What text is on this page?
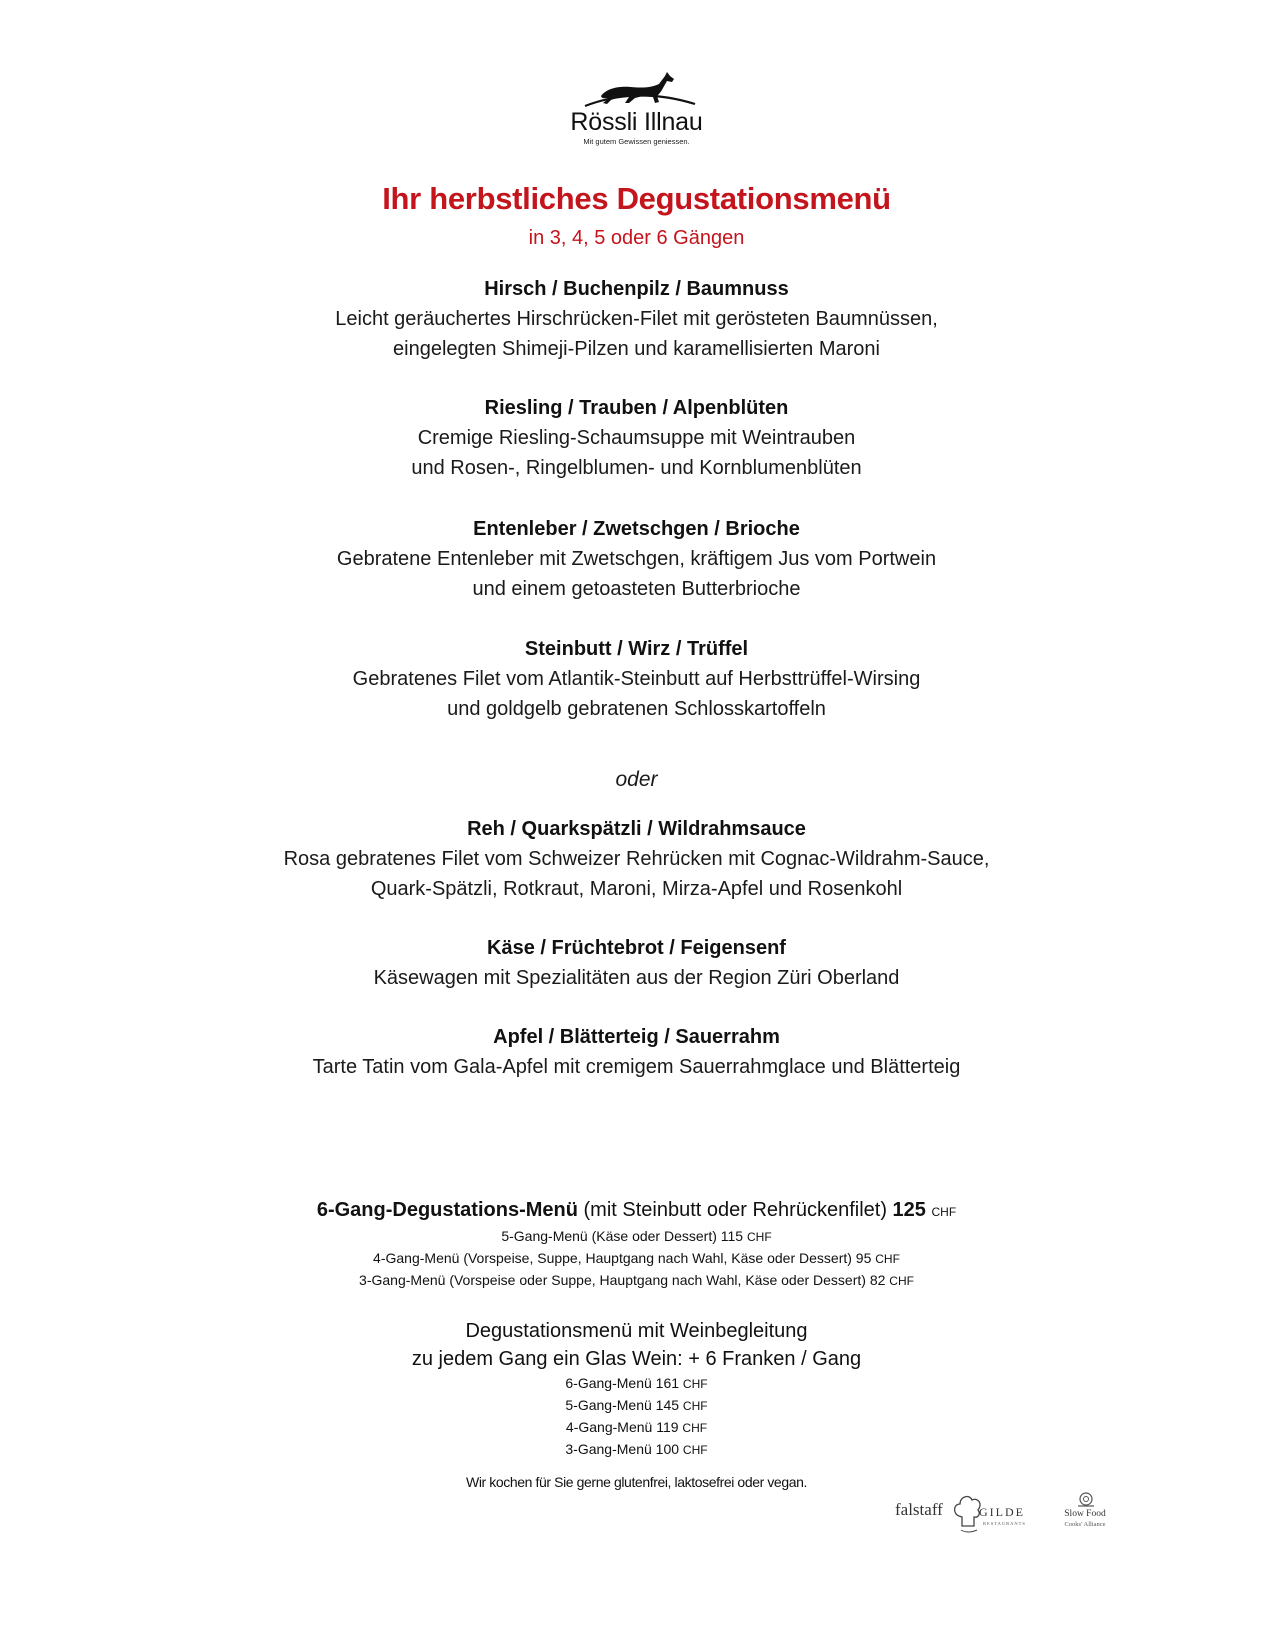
Rössli Illnau
Mit gutem Gewissen geniessen.
Ihr herbstliches Degustationsmenü
in 3, 4, 5 oder 6 Gängen
Hirsch / Buchenpilz / Baumnuss
Leicht geräuchertes Hirschrücken-Filet mit gerösteten Baumnüssen,
eingelegten Shimeji-Pilzen und karamellisierten Maroni
Riesling / Trauben / Alpenblüten
Cremige Riesling-Schaumsuppe mit Weintrauben
und Rosen-, Ringelblumen- und Kornblumenblüten
Entenleber / Zwetschgen / Brioche
Gebratene Entenleber mit Zwetschgen, kräftigem Jus vom Portwein
und einem getoasteten Butterbrioche
Steinbutt / Wirz / Trüffel
Gebratenes Filet vom Atlantik-Steinbutt auf Herbsttrüffel-Wirsing
und goldgelb gebratenen Schlosskartoffeln
oder
Reh / Quarkspätzli / Wildrahmsauce
Rosa gebratenes Filet vom Schweizer Rehrücken mit Cognac-Wildrahm-Sauce,
Quark-Spätzli, Rotkraut, Maroni, Mirza-Apfel und Rosenkohl
Käse / Früchtebrot / Feigensenf
Käsewagen mit Spezialitäten aus der Region Züri Oberland
Apfel / Blätterteig / Sauerrahm
Tarte Tatin vom Gala-Apfel mit cremigem Sauerrahmglace und Blätterteig
6-Gang-Degustations-Menü (mit Steinbutt oder Rehrückenfilet) 125 CHF
5-Gang-Menü (Käse oder Dessert) 115 CHF
4-Gang-Menü (Vorspeise, Suppe, Hauptgang nach Wahl, Käse oder Dessert) 95 CHF
3-Gang-Menü (Vorspeise oder Suppe, Hauptgang nach Wahl, Käse oder Dessert) 82 CHF
Degustationsmenü mit Weinbegleitung
zu jedem Gang ein Glas Wein: + 6 Franken / Gang
6-Gang-Menü 161 CHF
5-Gang-Menü 145 CHF
4-Gang-Menü 119 CHF
3-Gang-Menü 100 CHF
Wir kochen für Sie gerne glutenfrei, laktosefrei oder vegan.
falstaff	GILDE
RESTAURANTS
Slow Food
Cooks' Alliance
